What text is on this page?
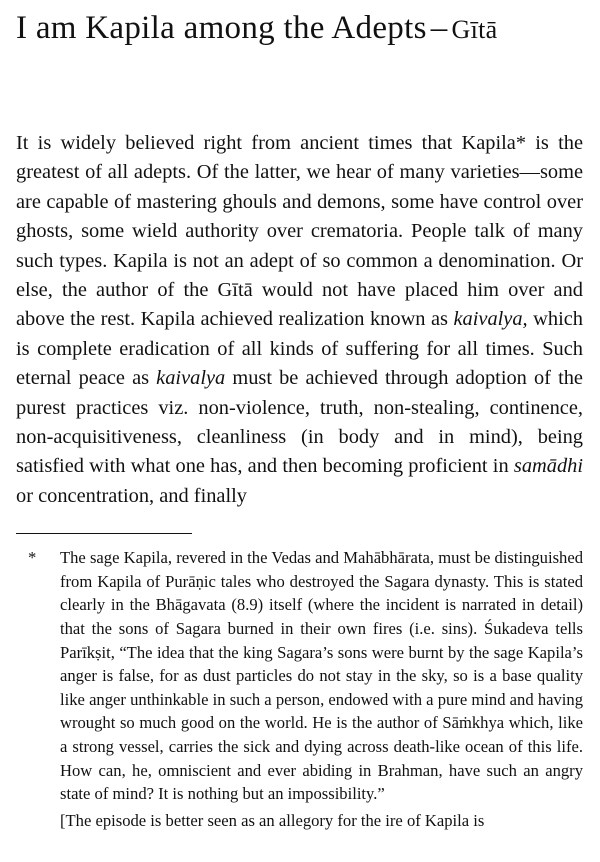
I am Kapila among the Adepts – Gītā

It is widely believed right from ancient times that Kapila* is the greatest of all adepts. Of the latter, we hear of many varieties—some are capable of mastering ghouls and demons, some have control over ghosts, some wield authority over crematoria. People talk of many such types. Kapila is not an adept of so common a denomination. Or else, the author of the Gītā would not have placed him over and above the rest. Kapila achieved realization known as kaivalya, which is complete eradication of all kinds of suffering for all times. Such eternal peace as kaivalya must be achieved through adoption of the purest practices viz. non-violence, truth, non-stealing, continence, non-acquisitiveness, cleanliness (in body and in mind), being satisfied with what one has, and then becoming proficient in samādhi or concentration, and finally

* The sage Kapila, revered in the Vedas and Mahābhārata, must be distinguished from Kapila of Purāṇic tales who destroyed the Sagara dynasty. This is stated clearly in the Bhāgavata (8.9) itself (where the incident is narrated in detail) that the sons of Sagara burned in their own fires (i.e. sins). Śukadeva tells Parīkṣit, “The idea that the king Sagara’s sons were burnt by the sage Kapila’s anger is false, for as dust particles do not stay in the sky, so is a base quality like anger unthinkable in such a person, endowed with a pure mind and having wrought so much good on the world. He is the author of Sāṁkhya which, like a strong vessel, carries the sick and dying across death-like ocean of this life. How can, he, omniscient and ever abiding in Brahman, have such an angry state of mind? It is nothing but an impossibility.”

[The episode is better seen as an allegory for the ire of Kapila is
